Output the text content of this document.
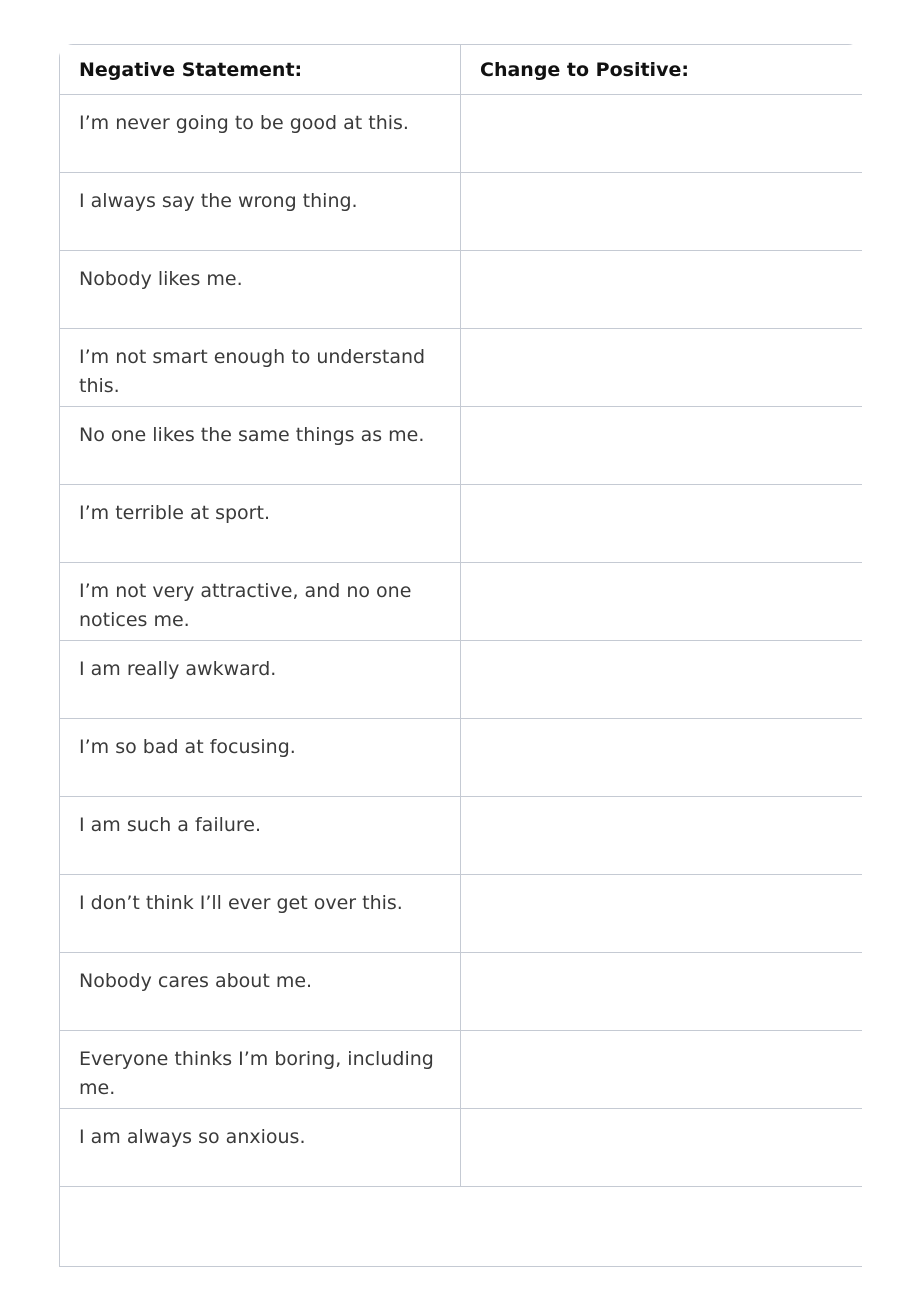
Negative Statement:	Change to Positive:
I’m never going to be good at this.	
I always say the wrong thing.	
Nobody likes me.	
I’m not smart enough to understand this.	
No one likes the same things as me.	
I’m terrible at sport.	
I’m not very attractive, and no one notices me.	
I am really awkward.	
I’m so bad at focusing.	
I am such a failure.	
I don’t think I’ll ever get over this.	
Nobody cares about me.	
Everyone thinks I’m boring, including me.	
I am always so anxious.	
